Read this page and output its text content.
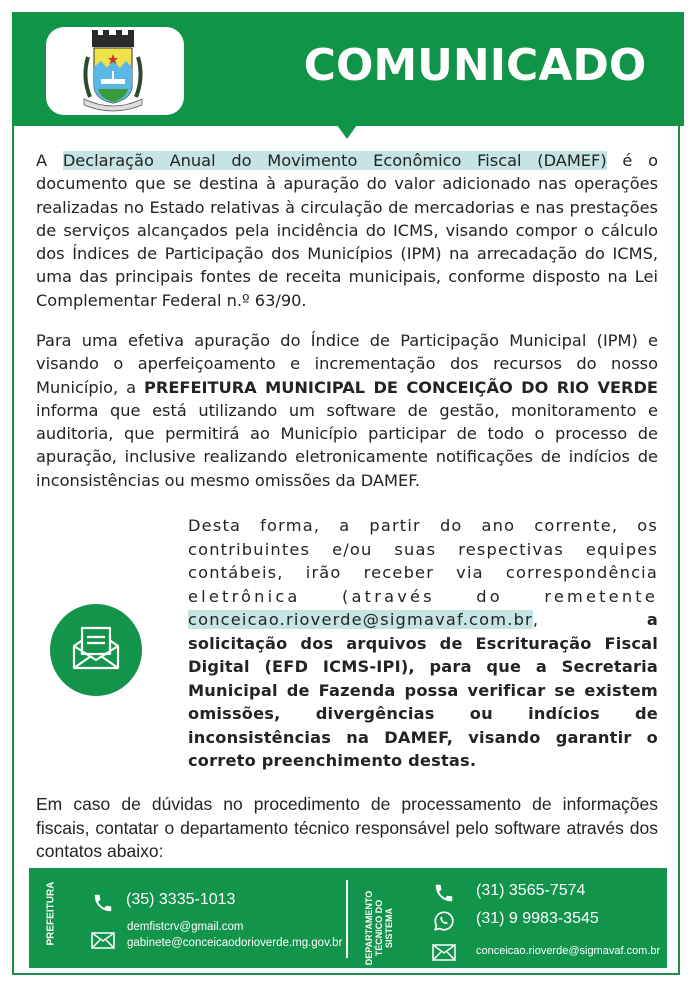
COMUNICADO
A Declaração Anual do Movimento Econômico Fiscal (DAMEF) é o documento que se destina à apuração do valor adicionado nas operações realizadas no Estado relativas à circulação de mercadorias e nas prestações de serviços alcançados pela incidência do ICMS, visando compor o cálculo dos Índices de Participação dos Municípios (IPM) na arrecadação do ICMS, uma das principais fontes de receita municipais, conforme disposto na Lei Complementar Federal n.º 63/90.
Para uma efetiva apuração do Índice de Participação Municipal (IPM) e visando o aperfeiçoamento e incrementação dos recursos do nosso Município, a PREFEITURA MUNICIPAL DE CONCEIÇÃO DO RIO VERDE informa que está utilizando um software de gestão, monitoramento e auditoria, que permitirá ao Município participar de todo o processo de apuração, inclusive realizando eletronicamente notificações de indícios de inconsistências ou mesmo omissões da DAMEF.
Desta forma, a partir do ano corrente, os contribuintes e/ou suas respectivas equipes contábeis, irão receber via correspondência eletrônica (através do remetente conceicao.rioverde@sigmavaf.com.br, a solicitação dos arquivos de Escrituração Fiscal Digital (EFD ICMS-IPI), para que a Secretaria Municipal de Fazenda possa verificar se existem omissões, divergências ou indícios de inconsistências na DAMEF, visando garantir o correto preenchimento destas.
Em caso de dúvidas no procedimento de processamento de informações fiscais, contatar o departamento técnico responsável pelo software através dos contatos abaixo:
PREFEITURA	(35) 3335-1013
demfistcrv@gmail.com
gabinete@conceicaodorioverde.mg.gov.br DEPARTAMENTO TÉCNICO DO SISTEMA
(31) 3565-7574
(31) 9 9983-3545
conceicao.rioverde@sigmavaf.com.br
